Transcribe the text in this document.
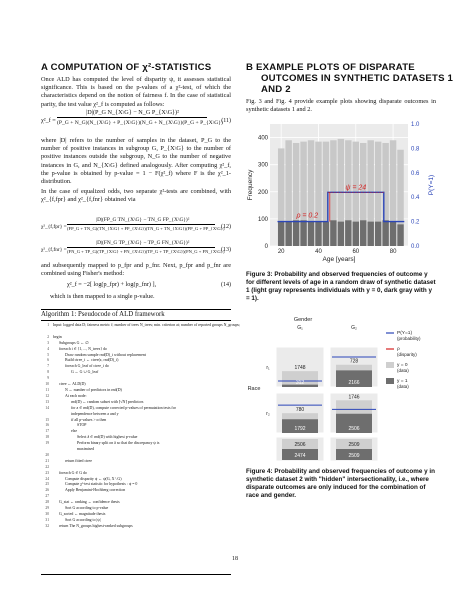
A COMPUTATION OF χ²-STATISTICS
Once ALD has computed the level of disparity ψ, it assesses statistical significance. This is based on the p-values of a χ²-test, of which the characteristics depend on the notion of fairness f. In the case of statistical parity, the test value χ²_f is computed as follows:
χ²_f =
|D|(P_G N_{X\G} − N_G P_{X\G})²
(P_G + N_G)(N_{X\G} + P_{X\G})(N_G + N_{X\G})(P_G + P_{X\G})
(11)
where |D| refers to the number of samples in the dataset, P_G to the number of positive instances in subgroup G, P_{X\G} to the number of positive instances outside the subgroup, N_G to the number of negative instances in G, and N_{X\G} defined analogously. After computing χ²_f, the p-value is obtained by p-value = 1 − F(χ²_f) where F is the χ²_1-distribution.
In the case of equalized odds, two separate χ²-tests are combined, with χ²_{f,fpr} and χ²_{f,fnr} obtained via
χ²_{f,fpr} =
|D|(FP_G TN_{X\G} − TN_G FP_{X\G})²
(FP_G + TN_G)(TN_{X\G} + FP_{X\G})(TN_G + TN_{X\G})(FP_G + FP_{X\G})
(12)
χ²_{f,fnr} =
|D|(FN_G TP_{X\G} − TP_G FN_{X\G})²
(FN_G + TP_G)(TP_{X\G} + FN_{X\G})(TP_G + TP_{X\G})(FN_G + FN_{X\G})
(13)
and subsequently mapped to p_fpr and p_fnr. Next, p_fpr and p_fnr are combined using Fisher's method:
χ²_f = −2[ log(p_fpr) + log(p_fnr) ],	(14)
which is then mapped to a single p-value.
Algorithm 1: Pseudocode of ALD framework
1 Input: logged data D; fairness metric f; number of trees N_trees; min. criterion at; number of reported groups N_groups;
2 begin
3	Subgroups G ← ∅
4	foreach i ∈ {1, ..., N_trees} do
5	Draw random sample rnd(D)_i without replacement
6	Build ctree_i ← ctree(ε, rnd(D)_i)
7	foreach G_leaf of ctree_i do
8	G ← G ∪ G_leaf
9
10	ctree ← ALD(D)
11	N ← number of predictors in rnd(D)
12	At each node:
13	rnd(D) ← random subset with ⌈√N⌉ predictors
14	for a ∈ rnd(D), compute corrected p-values of permutation tests for
independence between a and y
15	if all p-values > α then
16	STOP
17	else
18	Select â ∈ rnd(D) with highest p-value
19	Perform binary split on â so that the discrepancy ψ is
maximised
20
21	return fitted ctree
22
23	foreach G ∈ G do
24	Compute disparity ψ ← ψ(G, X \ G)
25	Compute χ²-test statistic for hypothesis : ψ = 0
26	Apply Benjamini-Hochberg correction
27
28	G_stat ← ranking ← confidence thesis
29	Sort G according to p-value
30	G_sorted ← magnitude thesis
31	Sort G according to |ψ|
32	return The N_groups highest-ranked subgroups
B EXAMPLE PLOTS OF DISPARATE
OUTCOMES IN SYNTHETIC DATASETS 1
AND 2
Fig. 3 and Fig. 4 provide example plots showing disparate outcomes in synthetic datasets 1 and 2.
ψ = 24
ρ = 0.2
0
100
200
300
400
20	40	60	80
0.0
0.2
0.4
0.6
0.8
1.0
Age [years]
Frequency	P(Y=1)
Figure 3: Probability and observed frequencies of outcome y for different levels of age in a random draw of synthetic dataset 1 (light gray represents individuals with y = 0, dark gray with y = 1).
Gender
G₁	G₂
r₁
r₂
Race
1748
312
728
2166
780
1792
1746
2506
2506
2474
2509
2509
P(Y=1)
(probability)
ρ
(disparity)
y = 0
(data)
y = 1
(data)
Figure 4: Probability and observed frequencies of outcome y in synthetic dataset 2 with "hidden" intersectionality, i.e., where disparate outcomes are only induced for the combination of race and gender.
18
